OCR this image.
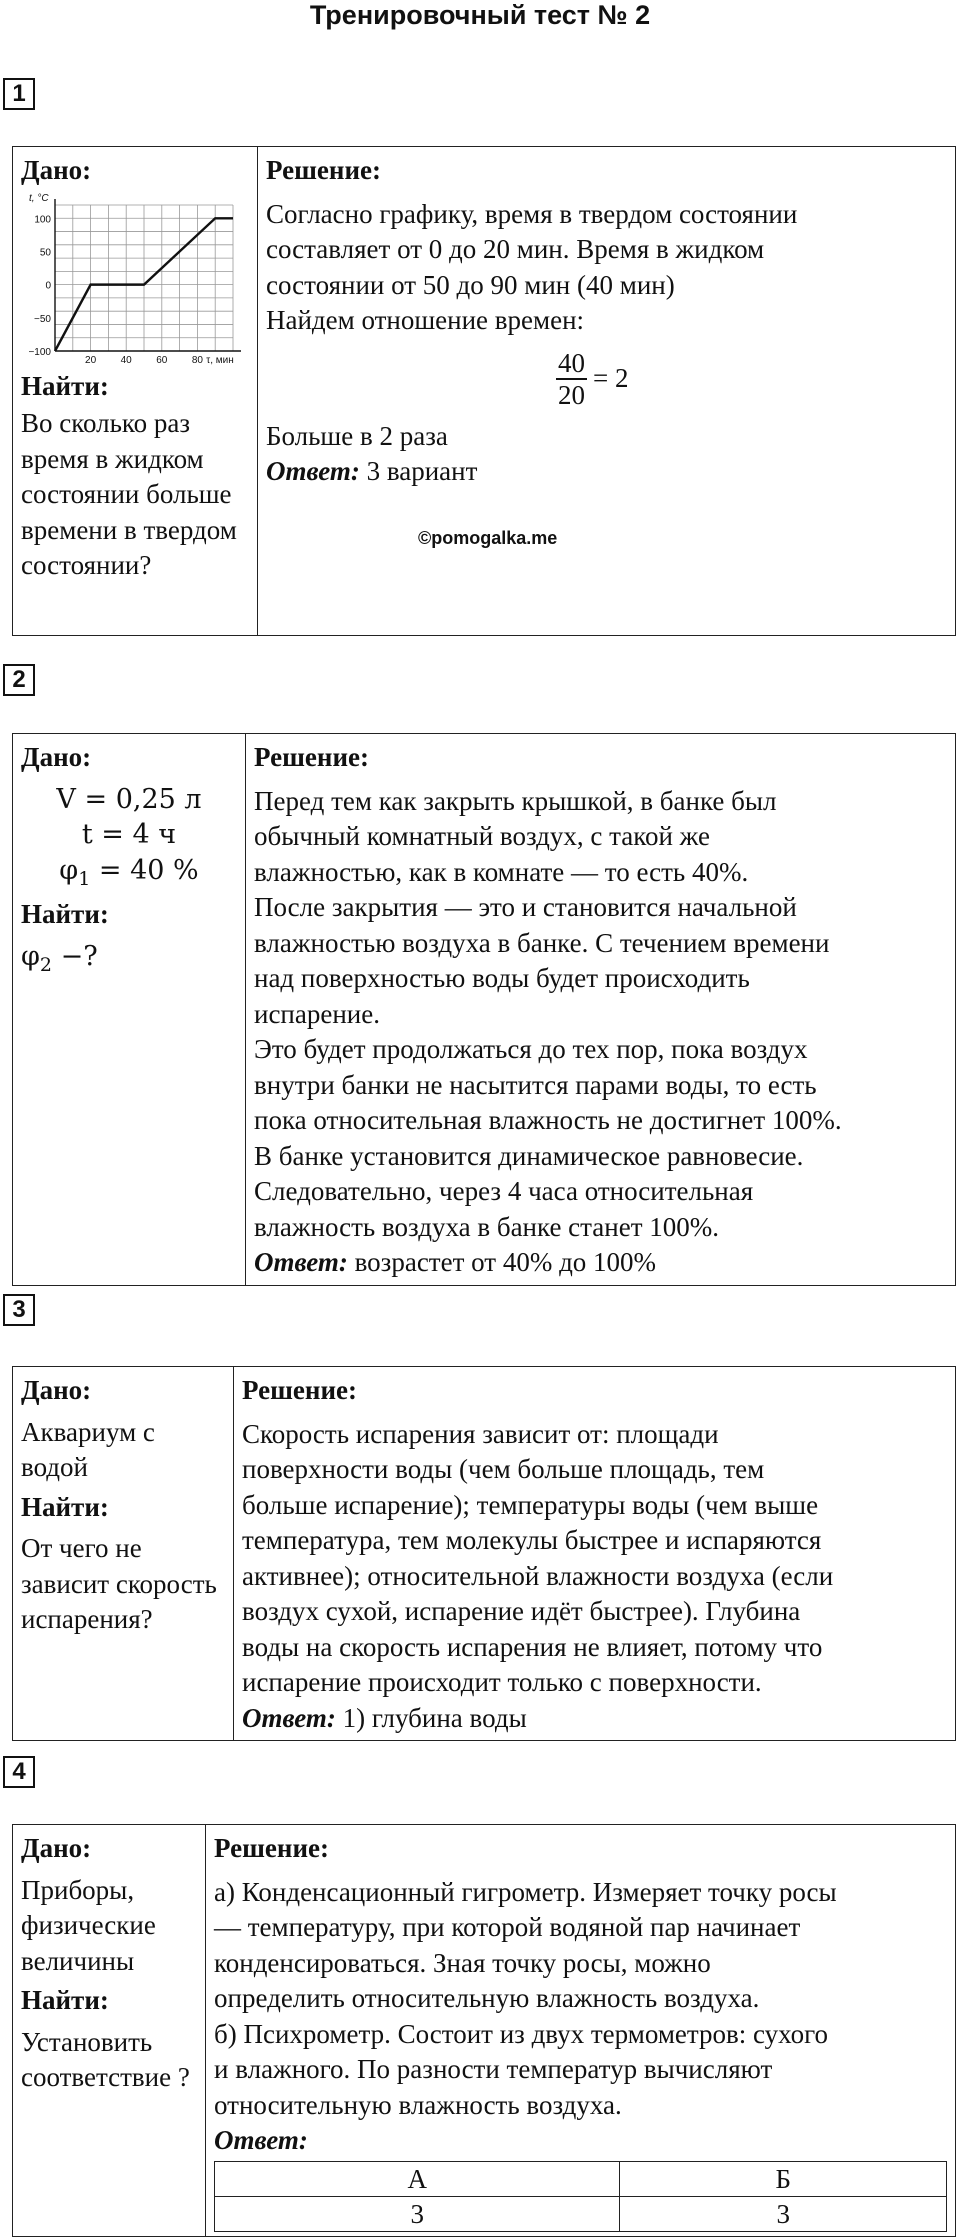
Тренировочный тест № 2
1
Дано:
100
50
0
−50
−100
20 40 60 80
t, °C
τ, мин
Найти:
Во сколько раз время в жидком состоянии больше времени в твердом состоянии?

Решение:
Согласно графику, время в твердом состоянии
составляет от 0 до 20 мин. Время в жидком
состоянии от 50 до 90 мин (40 мин)
Найдем отношение времен:
$\frac{40}{20} = 2$
Больше в 2 раза
Ответ: 3 вариант
©pomogalka.me
2
Дано:
V = 0,25 л
t = 4 ч
$\varphi_1 = 40$ %
Найти:
$\varphi_2$ −?

Решение:
Перед тем как закрыть крышкой, в банке был
обычный комнатный воздух, с такой же
влажностью, как в комнате — то есть 40%.
После закрытия — это и становится начальной
влажностью воздуха в банке. С течением времени
над поверхностью воды будет происходить
испарение.
Это будет продолжаться до тех пор, пока воздух
внутри банки не насытится парами воды, то есть
пока относительная влажность не достигнет 100%.
В банке установится динамическое равновесие.
Следовательно, через 4 часа относительная
влажность воздуха в банке станет 100%.
Ответ: возрастет от 40% до 100%
3
Дано:
Аквариум с водой
Найти:
От чего не зависит скорость испарения?

Решение:
Скорость испарения зависит от: площади
поверхности воды (чем больше площадь, тем
больше испарение); температуры воды (чем выше
температура, тем молекулы быстрее и испаряются
активнее); относительной влажности воздуха (если
воздух сухой, испарение идёт быстрее). Глубина
воды на скорость испарения не влияет, потому что
испарение происходит только с поверхности.
Ответ: 1) глубина воды
4
Дано:
Приборы, физические величины
Найти:
Установить соответствие ?

Решение:
а) Конденсационный гигрометр. Измеряет точку росы
— температуру, при которой водяной пар начинает
конденсироваться. Зная точку росы, можно
определить относительную влажность воздуха.
б) Психрометр. Состоит из двух термометров: сухого
и влажного. По разности температур вычисляют
относительную влажность воздуха.
Ответ:
А	Б
3	3
